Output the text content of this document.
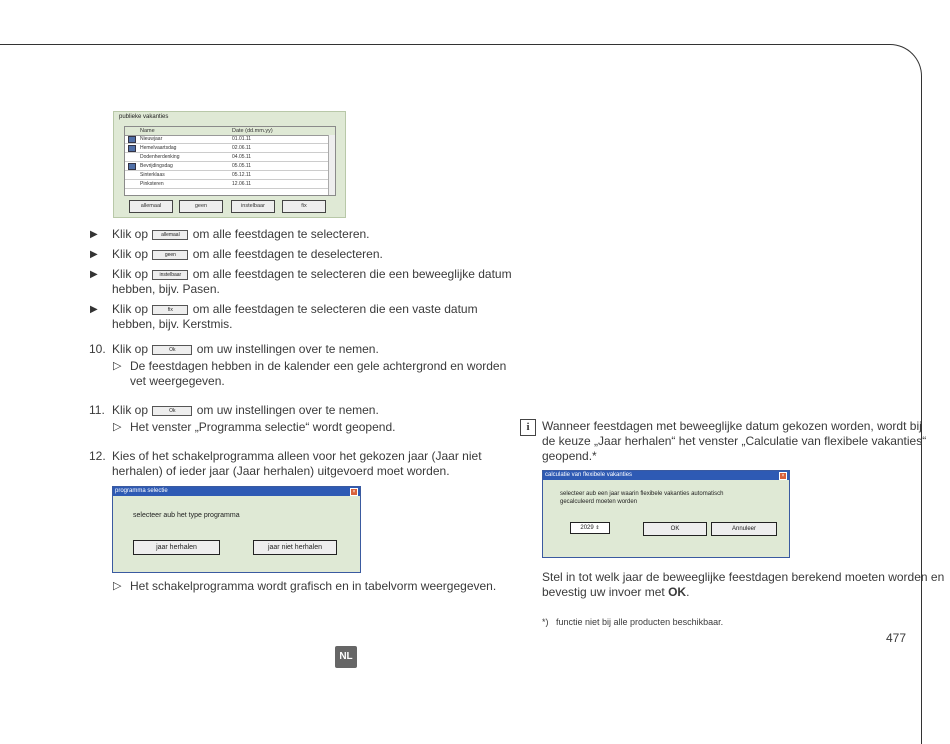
publieke vakanties
Name	Date (dd.mm.yy)
Nieuwjaar	01.01.11
Hemelvaartsdag	02.06.11
Dodenherdenking	04.05.11
Bevrijdingsdag	05.05.11
Sinterklaas	05.12.11
Pinksteren	12.06.11
allemaal	geen	instelbaar	fix
▶ Klik op	allemaal om alle feestdagen te selecteren.
▶ Klik op	geen om alle feestdagen te deselecteren.
▶ Klik op instelbaar om alle feestdagen te selecteren die een beweeglijke datum
hebben, bijv. Pasen.
▶ Klik op	fix om alle feestdagen te selecteren die een vaste datum
hebben, bijv. Kerstmis.
10. Klik op	Ok om uw instellingen over te nemen.
▷ De feestdagen hebben in de kalender een gele achtergrond en worden
vet weergegeven.
11. Klik op	Ok om uw instellingen over te nemen.
▷ Het venster „Programma selectie“ wordt geopend.
12. Kies of het schakelprogramma alleen voor het gekozen jaar (Jaar niet
herhalen) of ieder jaar (Jaar herhalen) uitgevoerd moet worden.
programma selectie	×
selecteer aub het type programma
jaar herhalen	jaar niet herhalen
▷ Het schakelprogramma wordt grafisch en in tabelvorm weergegeven.
i	Wanneer feestdagen met beweeglijke datum gekozen worden, wordt bij
de keuze „Jaar herhalen“ het venster „Calculatie van flexibele vakanties“
geopend.*
calculatie van flexibele vakanties	×
selecteer aub een jaar waarin flexibele vakanties automatisch
gecalculeerd moeten worden
2029 ⇕	OK	Annuleer
Stel in tot welk jaar de beweeglijke feestdagen berekend moeten worden en
bevestig uw invoer met OK.
*) functie niet bij alle producten beschikbaar.
477
NL
